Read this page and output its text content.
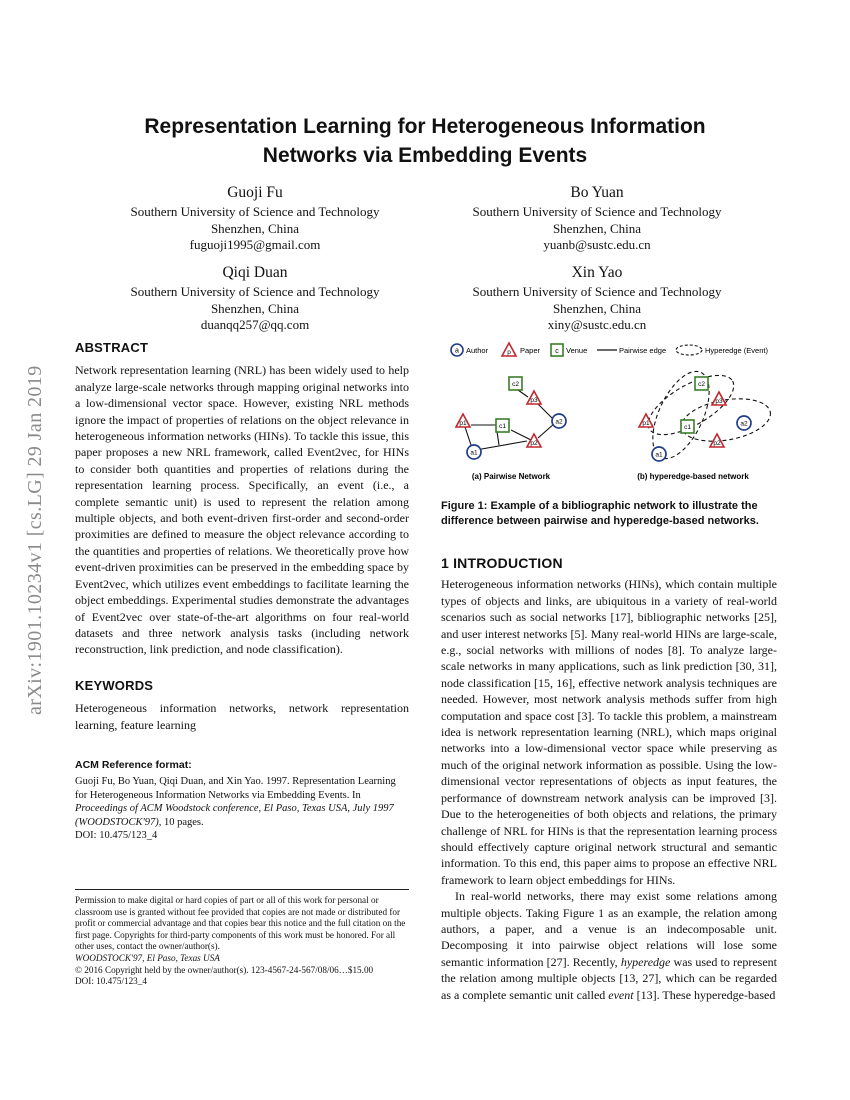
arXiv:1901.10234v1 [cs.LG] 29 Jan 2019
Representation Learning for Heterogeneous Information Networks via Embedding Events
Guoji Fu
Southern University of Science and Technology
Shenzhen, China
fuguoji1995@gmail.com
Bo Yuan
Southern University of Science and Technology
Shenzhen, China
yuanb@sustc.edu.cn
Qiqi Duan
Southern University of Science and Technology
Shenzhen, China
duanqq257@qq.com
Xin Yao
Southern University of Science and Technology
Shenzhen, China
xiny@sustc.edu.cn
ABSTRACT

Network representation learning (NRL) has been widely used to help analyze large-scale networks through mapping original networks into a low-dimensional vector space. However, existing NRL methods ignore the impact of properties of relations on the object relevance in heterogeneous information networks (HINs). To tackle this issue, this paper proposes a new NRL framework, called Event2vec, for HINs to consider both quantities and properties of relations during the representation learning process. Specifically, an event (i.e., a complete semantic unit) is used to represent the relation among multiple objects, and both event-driven first-order and second-order proximities are defined to measure the object relevance according to the quantities and properties of relations. We theoretically prove how event-driven proximities can be preserved in the embedding space by Event2vec, which utilizes event embeddings to facilitate learning the object embeddings. Experimental studies demonstrate the advantages of Event2vec over state-of-the-art algorithms on four real-world datasets and three network analysis tasks (including network reconstruction, link prediction, and node classification).

KEYWORDS

Heterogeneous information networks, network representation learning, feature learning

ACM Reference format:
Guoji Fu, Bo Yuan, Qiqi Duan, and Xin Yao. 1997. Representation Learning for Heterogeneous Information Networks via Embedding Events. In Proceedings of ACM Woodstock conference, El Paso, Texas USA, July 1997 (WOODSTOCK'97), 10 pages.
DOI: 10.475/123_4
Permission to make digital or hard copies of part or all of this work for personal or classroom use is granted without fee provided that copies are not made or distributed for profit or commercial advantage and that copies bear this notice and the full citation on the first page. Copyrights for third-party components of this work must be honored. For all other uses, contact the owner/author(s).
WOODSTOCK'97, El Paso, Texas USA
© 2016 Copyright held by the owner/author(s). 123-4567-24-567/08/06…$15.00
DOI: 10.475/123_4
a Author	p Paper c Venue	Pairwise edge	Hyperedge (Event)
p1
p3
p2
c1
c2
a1
a2
(a) Pairwise Network
p1
p3
p2
c1
c2
a1
a2
(b) hyperedge-based network
Figure 1: Example of a bibliographic network to illustrate the difference between pairwise and hyperedge-based networks.
1 INTRODUCTION

Heterogeneous information networks (HINs), which contain multiple types of objects and links, are ubiquitous in a variety of real-world scenarios such as social networks [17], bibliographic networks [25], and user interest networks [5]. Many real-world HINs are large-scale, e.g., social networks with millions of nodes [8]. To analyze large-scale networks in many applications, such as link prediction [30, 31], node classification [15, 16], effective network analysis techniques are needed. However, most network analysis methods suffer from high computation and space cost [3]. To tackle this problem, a mainstream idea is network representation learning (NRL), which maps original networks into a low-dimensional vector space while preserving as much of the original network information as possible. Using the low-dimensional vector representations of objects as input features, the performance of downstream network analysis can be improved [3]. Due to the heterogeneities of both objects and relations, the primary challenge of NRL for HINs is that the representation learning process should effectively capture original network structural and semantic information. To this end, this paper aims to propose an effective NRL framework to learn object embeddings for HINs.

In real-world networks, there may exist some relations among multiple objects. Taking Figure 1 as an example, the relation among authors, a paper, and a venue is an indecomposable unit. Decomposing it into pairwise object relations will lose some semantic information [27]. Recently, hyperedge was used to represent the relation among multiple objects [13, 27], which can be regarded as a complete semantic unit called event [13]. These hyperedge-based
